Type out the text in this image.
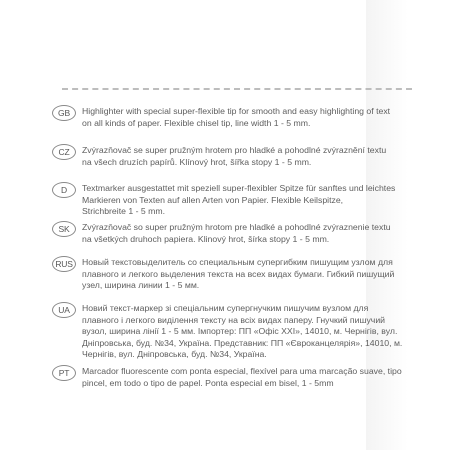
GB	Highlighter with special super-flexible tip for smooth and easy highlighting of text
on all kinds of paper. Flexible chisel tip, line width 1 - 5 mm.
CZ	Zvýrazňovač se super pružným hrotem pro hladké a pohodlné zvýraznění textu
na všech druzích papírů. Klínový hrot, šířka stopy 1 - 5 mm.
D	Textmarker ausgestattet mit speziell super-flexibler Spitze für sanftes und leichtes
Markieren von Texten auf allen Arten von Papier. Flexible Keilspitze,
Strichbreite 1 - 5 mm.
SK	Zvýrazňovač so super pružným hrotom pre hladké a pohodlné zvýraznenie textu
na všetkých druhoch papiera. Klinový hrot, šírka stopy 1 - 5 mm.
RUS	Новый текстовыделитель со специальным супергибким пишущим узлом для
плавного и легкого выделения текста на всех видах бумаги. Гибкий пишущий
узел, ширина линии 1 - 5 мм.
UA	Новий текст-маркер зі спеціальним супергнучким пишучим вузлом для
плавного і легкого виділення тексту на всіх видах паперу. Гнучкий пишучий
вузол, ширина лінії 1 - 5 мм. Імпортер: ПП «Офіс ХХІ», 14010, м. Чернігів, вул.
Дніпровська, буд. №34, Україна. Представник: ПП «Євроканцелярія», 14010, м.
Чернігів, вул. Дніпровська, буд. №34, Україна.
PT	Marcador fluorescente com ponta especial, flexível para uma marcação suave, tipo
pincel, em todo o tipo de papel. Ponta especial em bisel, 1 - 5mm
